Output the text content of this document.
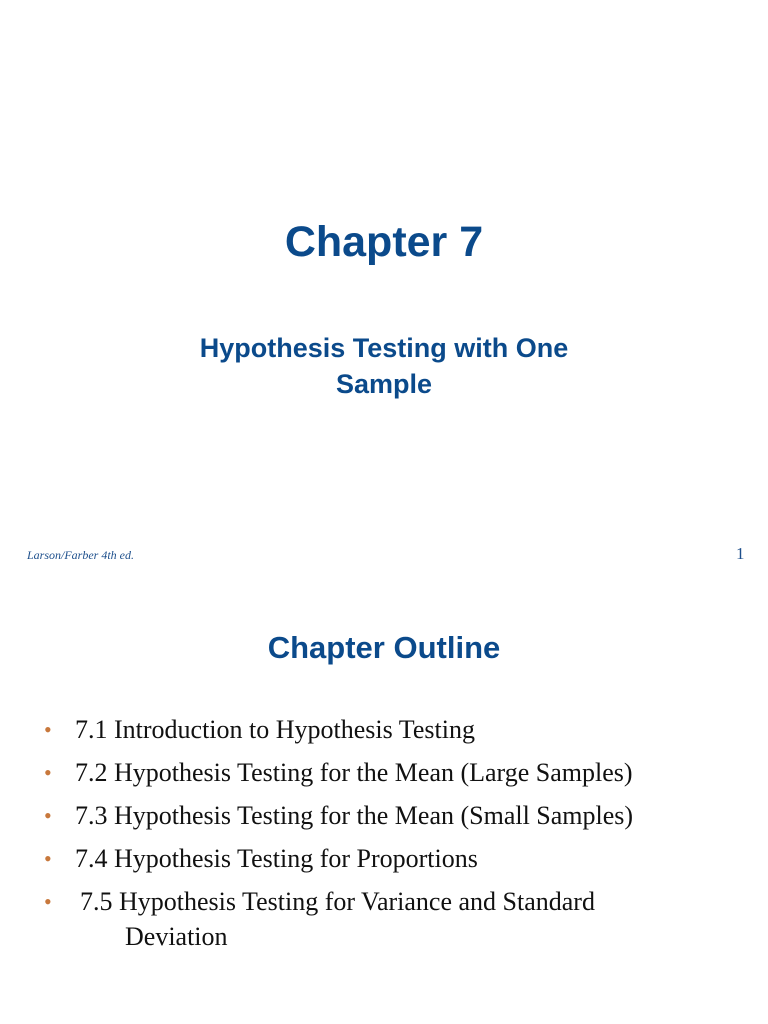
Chapter 7
Hypothesis Testing with One Sample
Larson/Farber 4th ed.	1
Chapter Outline
• 7.1 Introduction to Hypothesis Testing
• 7.2 Hypothesis Testing for the Mean (Large Samples)
• 7.3 Hypothesis Testing for the Mean (Small Samples)
• 7.4 Hypothesis Testing for Proportions
• 7.5 Hypothesis Testing for Variance and Standard
Deviation
